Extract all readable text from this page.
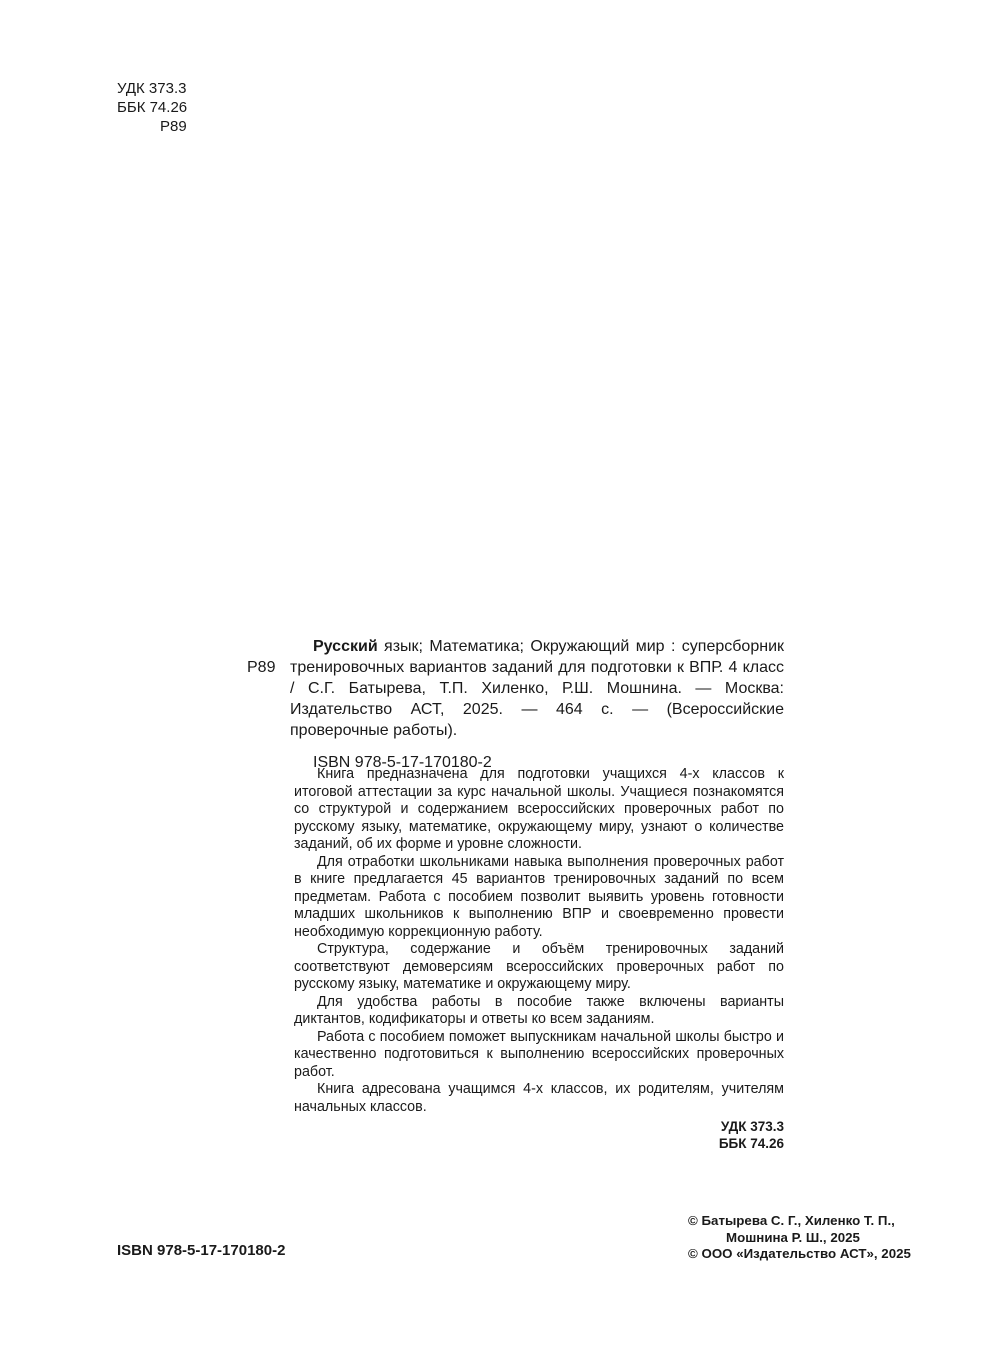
УДК 373.3
ББК 74.26
Р89
Р89

Русский язык; Математика; Окружающий мир : суперсборник тренировочных вариантов заданий для подготовки к ВПР. 4 класс / С.Г. Батырева, Т.П. Хиленко, Р.Ш. Мошнина. — Москва: Издательство АСТ, 2025. — 464 с. — (Всероссийские проверочные работы).

ISBN 978-5-17-170180-2

Книга предназначена для подготовки учащихся 4-х классов к итоговой аттестации за курс начальной школы. Учащиеся познакомятся со структурой и содержанием всероссийских проверочных работ по русскому языку, математике, окружающему миру, узнают о количестве заданий, об их форме и уровне сложности.

Для отработки школьниками навыка выполнения проверочных работ в книге предлагается 45 вариантов тренировочных заданий по всем предметам. Работа с пособием позволит выявить уровень готовности младших школьников к выполнению ВПР и своевременно провести необходимую коррекционную работу.

Структура, содержание и объём тренировочных заданий соответствуют демоверсиям всероссийских проверочных работ по русскому языку, математике и окружающему миру.

Для удобства работы в пособие также включены варианты диктантов, кодификаторы и ответы ко всем заданиям.

Работа с пособием поможет выпускникам начальной школы быстро и качественно подготовиться к выполнению всероссийских проверочных работ.

Книга адресована учащимся 4-х классов, их родителям, учителям начальных классов.

УДК 373.3
ББК 74.26
ISBN 978-5-17-170180-2
© Батырева С. Г., Хиленко Т. П.,
Мошнина Р. Ш., 2025
© ООО «Издательство АСТ», 2025
